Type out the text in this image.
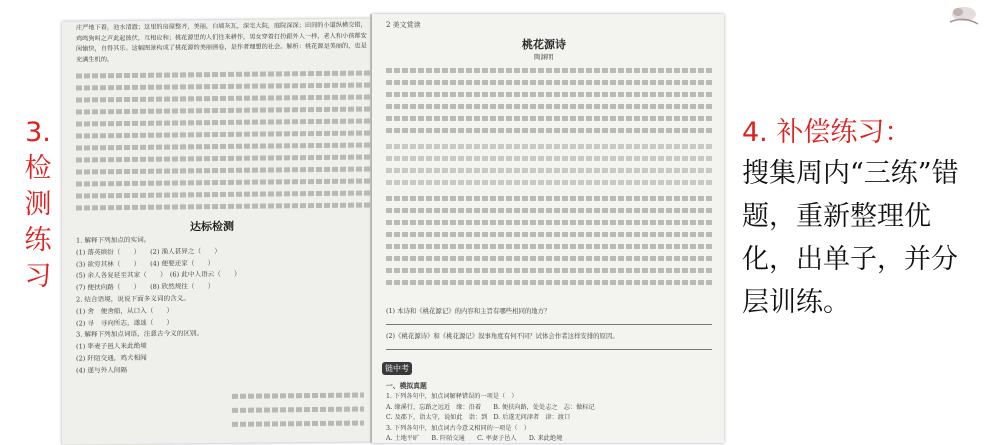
庄严地下着，池水清澈；这里的房屋整齐，美丽，白墙灰瓦，深宅大院，庭院深深；田间的小道纵横交错，鸡鸣狗叫之声此起彼伏，互相应和；桃花源里的人们往来耕作，男女穿着打扮跟外人一样，老人和小孩都安闲愉快，自得其乐。这幅图景构成了桃花源的美丽画卷，是作者理想的社会。解析：桃花源是美丽的，也是充满生机的。
达标检测
1. 解释下列加点的实词。
(1) 落英缤纷（　　）　　(2) 渔人甚异之（　　）
(3) 欲穷其林（　　）　　(4) 便要还家（　　）
(5) 余人各复延至其家（　　）　(6) 此中人语云（　　）
(7) 便扶向路（　　）　　(8) 欣然规往（　　）
2. 结合语境，说说下面多义词的含义。
(1) 舍　便舍船，从口入（　　）
(2) 寻　寻向所志，遂迷（　　）
3. 解释下列加点词语，注意古今义的区别。
(1) 率妻子邑人来此绝境
(2) 阡陌交通，鸡犬相闻
(4) 遂与外人间隔
2 美文赏读
桃花源诗
陶渊明
(1) 本诗和《桃花源记》的内容和主旨有哪些相同的地方？
(2)《桃花源诗》和《桃花源记》叙事角度有何不同？试体会作者这样安排的原因。
链中考
一、模拟真题
1. 下列各句中，加点词解释错误的一项是（　）
A. 缘溪行，忘路之远近　缘：沿着　　B. 便扶向路，处处志之　志：做标记
C. 及郡下，诣太守，说如此　诣：到　D. 后遂无问津者　津：渡口
3. 下列各句中，加点词古今意义相同的一项是（　）
A. 土地平旷　　B. 阡陌交通　　C. 率妻子邑人　　D. 来此绝境
3.
检
测
练
习
4. 补偿练习：
搜集周内“三练”错题，重新整理优化，出单子，并分层训练。
